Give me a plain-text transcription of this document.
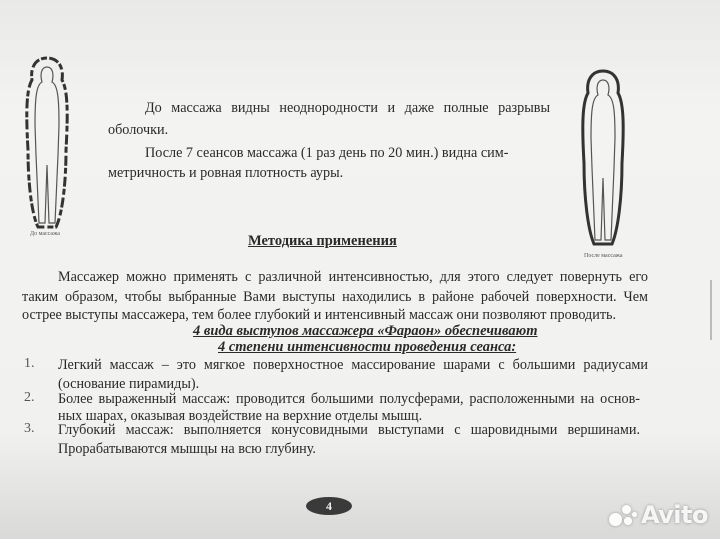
До массажа
После массажа
До массажа видны неоднородности и даже полные разрывы
оболочки.
После 7 сеансов массажа (1 раз день по 20 мин.) видна сим-
метричность и ровная плотность ауры.
Методика применения
Массажер можно применять с различной интенсивностью, для этого следует повернуть его
таким образом, чтобы выбранные Вами выступы находились в районе рабочей поверхности. Чем
острее выступы массажера, тем более глубокий и интенсивный массаж они позволяют проводить.
4 вида выступов массажера «Фараон» обеспечивают
4 степени интенсивности проведения сеанса:
1. Легкий массаж – это мягкое поверхностное массирование шарами с большими радиусами
(основание пирамиды).
2. Более выраженный массаж: проводится большими полусферами, расположенными на основ-
ных шарах, оказывая воздействие на верхние отделы мышц.
3. Глубокий массаж: выполняется конусовидными выступами с шаровидными вершинами.
Прорабатываются мышцы на всю глубину.
4	Avito
